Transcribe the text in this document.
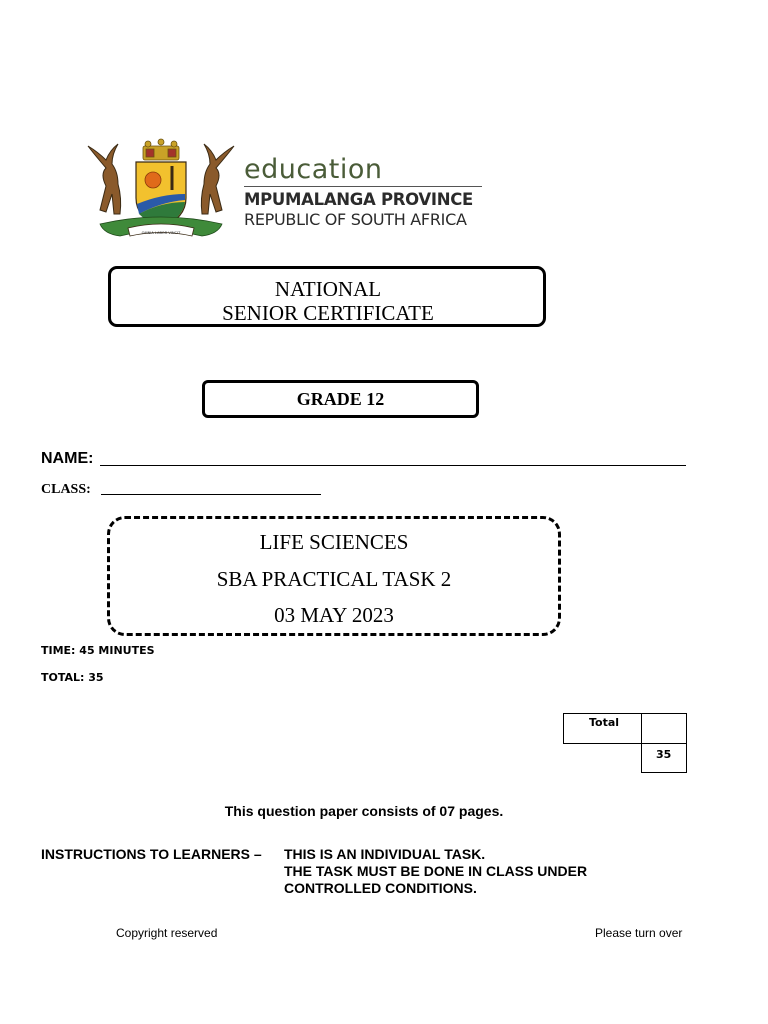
OMNIA LABOR VINCIT
education
MPUMALANGA PROVINCE
REPUBLIC OF SOUTH AFRICA
NATIONAL
SENIOR CERTIFICATE
GRADE 12
NAME:
CLASS:
LIFE SCIENCES
SBA PRACTICAL TASK 2
03 MAY 2023
TIME: 45 MINUTES
TOTAL: 35
Total	
	35
This question paper consists of 07 pages.
INSTRUCTIONS TO LEARNERS – THIS IS AN INDIVIDUAL TASK.
THE TASK MUST BE DONE IN CLASS UNDER
CONTROLLED CONDITIONS.
Copyright reserved	Please turn over
